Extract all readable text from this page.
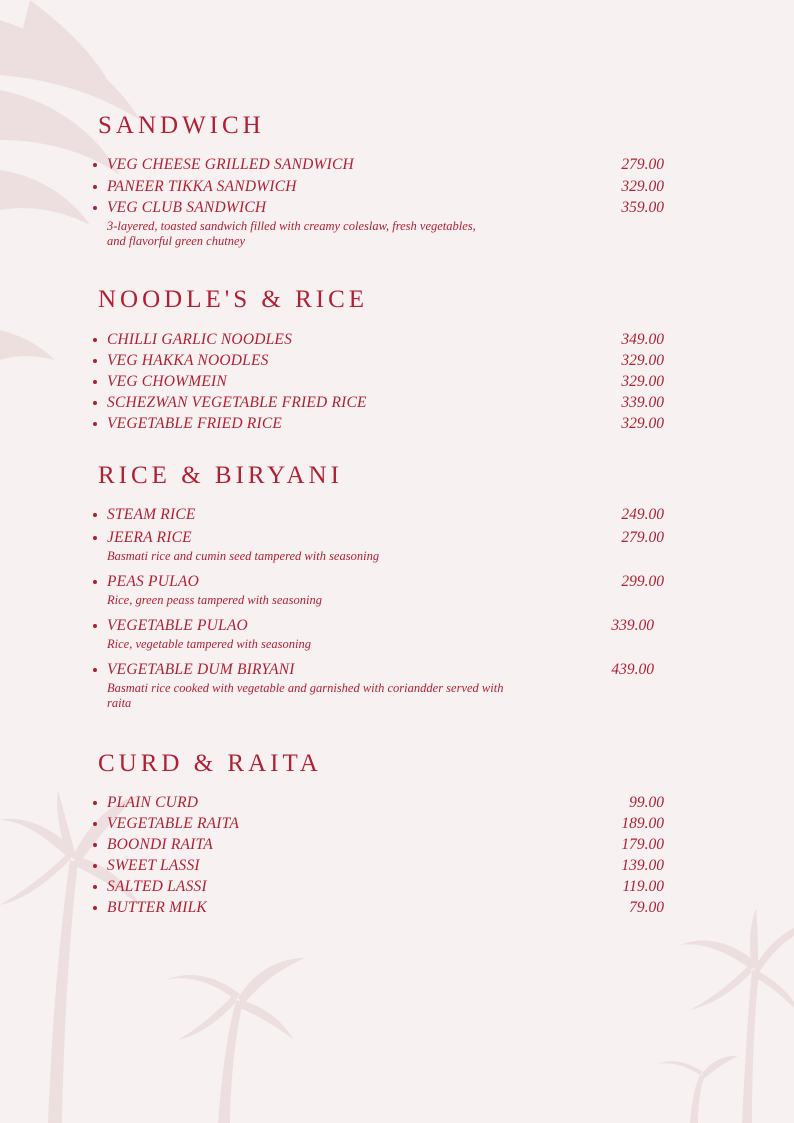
SANDWICH
VEG CHEESE GRILLED SANDWICH	279.00
PANEER TIKKA SANDWICH	329.00
VEG CLUB SANDWICH	359.00
3-layered, toasted sandwich filled with creamy coleslaw, fresh vegetables, and flavorful green chutney
NOODLE'S & RICE
CHILLI GARLIC NOODLES	349.00
VEG HAKKA NOODLES	329.00
VEG CHOWMEIN	329.00
SCHEZWAN VEGETABLE FRIED RICE	339.00
VEGETABLE FRIED RICE	329.00
RICE & BIRYANI
STEAM RICE	249.00
JEERA RICE	279.00
Basmati rice and cumin seed tampered with seasoning
PEAS PULAO	299.00
Rice, green peass tampered with seasoning
VEGETABLE PULAO	339.00
Rice, vegetable tampered with seasoning
VEGETABLE DUM BIRYANI	439.00
Basmati rice cooked with vegetable and garnished with coriandder served with raita
CURD & RAITA
PLAIN CURD	99.00
VEGETABLE RAITA	189.00
BOONDI RAITA	179.00
SWEET LASSI	139.00
SALTED LASSI	119.00
BUTTER MILK	79.00
